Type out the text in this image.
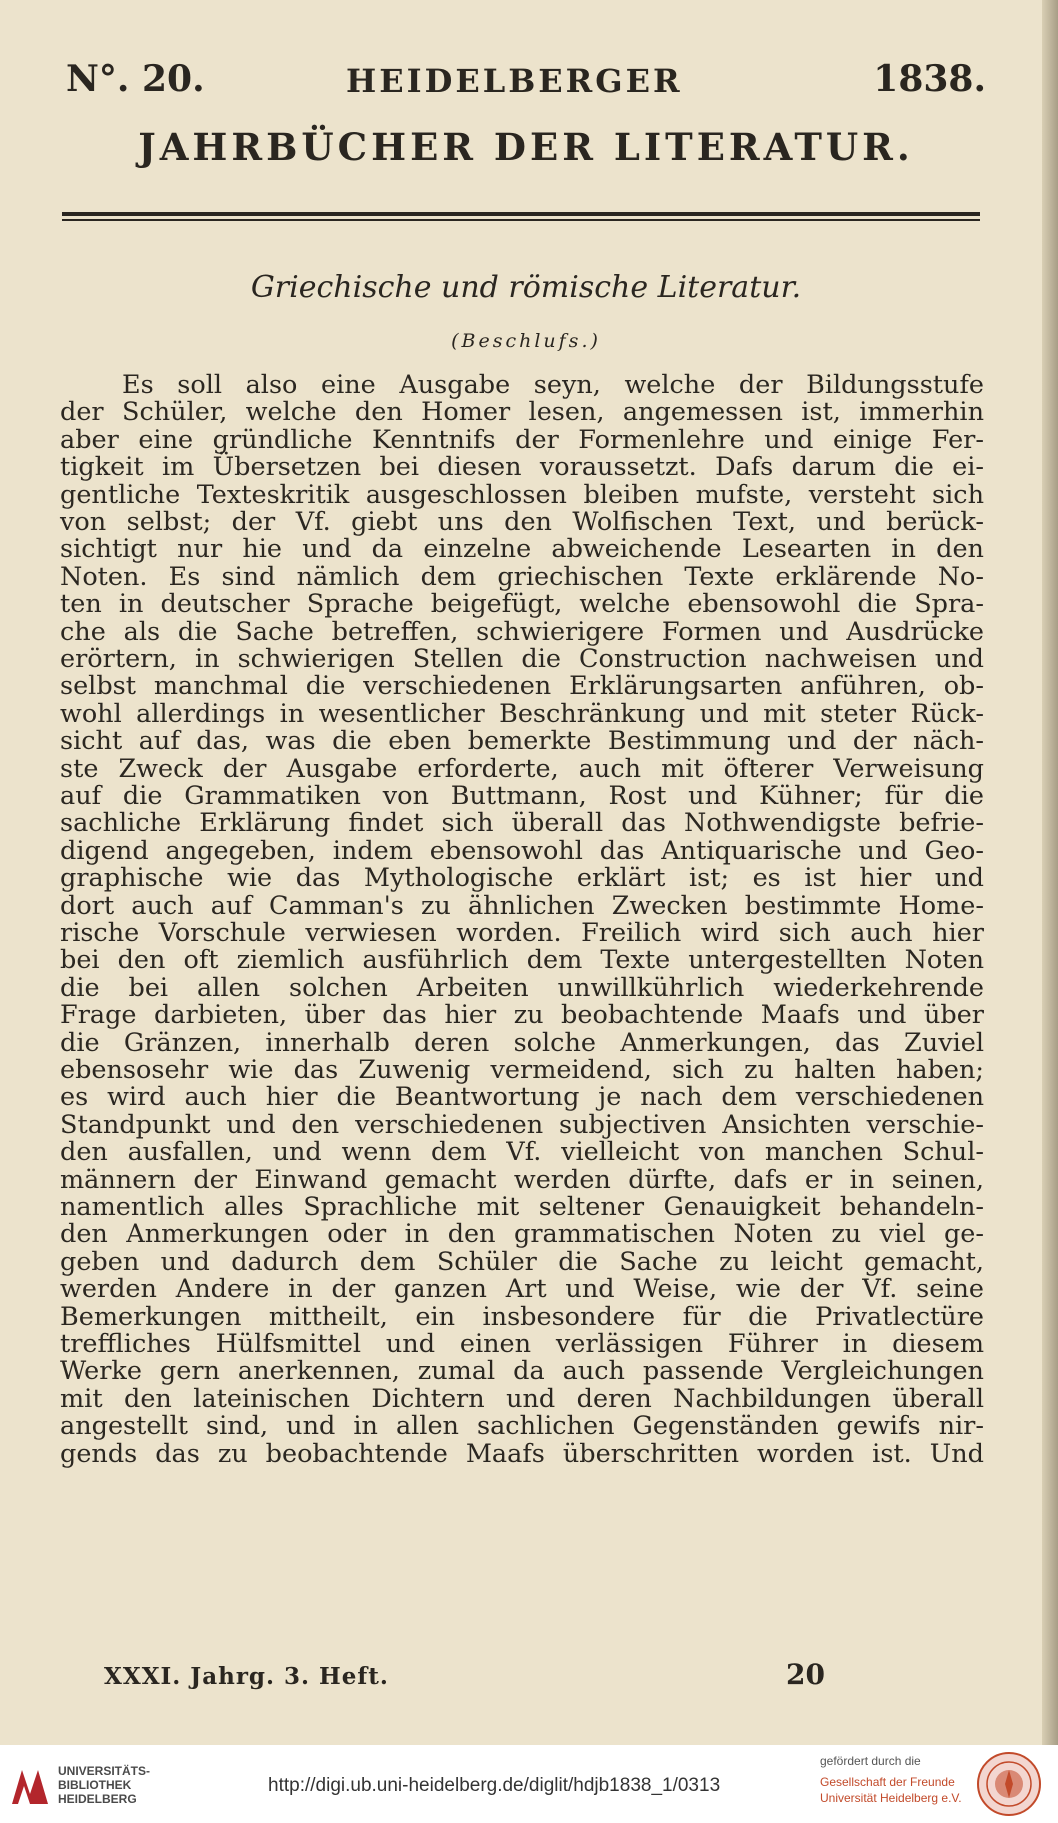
N°. 20.	HEIDELBERGER	1838.
JAHRBÜCHER DER LITERATUR.
Griechische und römische Literatur.
(Beschlufs.)
Es soll also eine Ausgabe seyn, welche der Bildungsstufe
der Schüler, welche den Homer lesen, angemessen ist, immerhin
aber eine gründliche Kenntnifs der Formenlehre und einige Fer-
tigkeit im Übersetzen bei diesen voraussetzt. Dafs darum die ei-
gentliche Texteskritik ausgeschlossen bleiben mufste, versteht sich
von selbst; der Vf. giebt uns den Wolfischen Text, und berück-
sichtigt nur hie und da einzelne abweichende Lesearten in den
Noten. Es sind nämlich dem griechischen Texte erklärende No-
ten in deutscher Sprache beigefügt, welche ebensowohl die Spra-
che als die Sache betreffen, schwierigere Formen und Ausdrücke
erörtern, in schwierigen Stellen die Construction nachweisen und
selbst manchmal die verschiedenen Erklärungsarten anführen, ob-
wohl allerdings in wesentlicher Beschränkung und mit steter Rück-
sicht auf das, was die eben bemerkte Bestimmung und der näch-
ste Zweck der Ausgabe erforderte, auch mit öfterer Verweisung
auf die Grammatiken von Buttmann, Rost und Kühner; für die
sachliche Erklärung findet sich überall das Nothwendigste befrie-
digend angegeben, indem ebensowohl das Antiquarische und Geo-
graphische wie das Mythologische erklärt ist; es ist hier und
dort auch auf Camman's zu ähnlichen Zwecken bestimmte Home-
rische Vorschule verwiesen worden. Freilich wird sich auch hier
bei den oft ziemlich ausführlich dem Texte untergestellten Noten
die bei allen solchen Arbeiten unwillkührlich wiederkehrende
Frage darbieten, über das hier zu beobachtende Maafs und über
die Gränzen, innerhalb deren solche Anmerkungen, das Zuviel
ebensosehr wie das Zuwenig vermeidend, sich zu halten haben;
es wird auch hier die Beantwortung je nach dem verschiedenen
Standpunkt und den verschiedenen subjectiven Ansichten verschie-
den ausfallen, und wenn dem Vf. vielleicht von manchen Schul-
männern der Einwand gemacht werden dürfte, dafs er in seinen,
namentlich alles Sprachliche mit seltener Genauigkeit behandeln-
den Anmerkungen oder in den grammatischen Noten zu viel ge-
geben und dadurch dem Schüler die Sache zu leicht gemacht,
werden Andere in der ganzen Art und Weise, wie der Vf. seine
Bemerkungen mittheilt, ein insbesondere für die Privatlectüre
treffliches Hülfsmittel und einen verlässigen Führer in diesem
Werke gern anerkennen, zumal da auch passende Vergleichungen
mit den lateinischen Dichtern und deren Nachbildungen überall
angestellt sind, und in allen sachlichen Gegenständen gewifs nir-
gends das zu beobachtende Maafs überschritten worden ist. Und
XXXI. Jahrg. 3. Heft.	20
UNIVERSITÄTS-
BIBLIOTHEK
HEIDELBERG
http://digi.ub.uni-heidelberg.de/diglit/hdjb1838_1/0313
gefördert durch die
Gesellschaft der Freunde
Universität Heidelberg e.V.
